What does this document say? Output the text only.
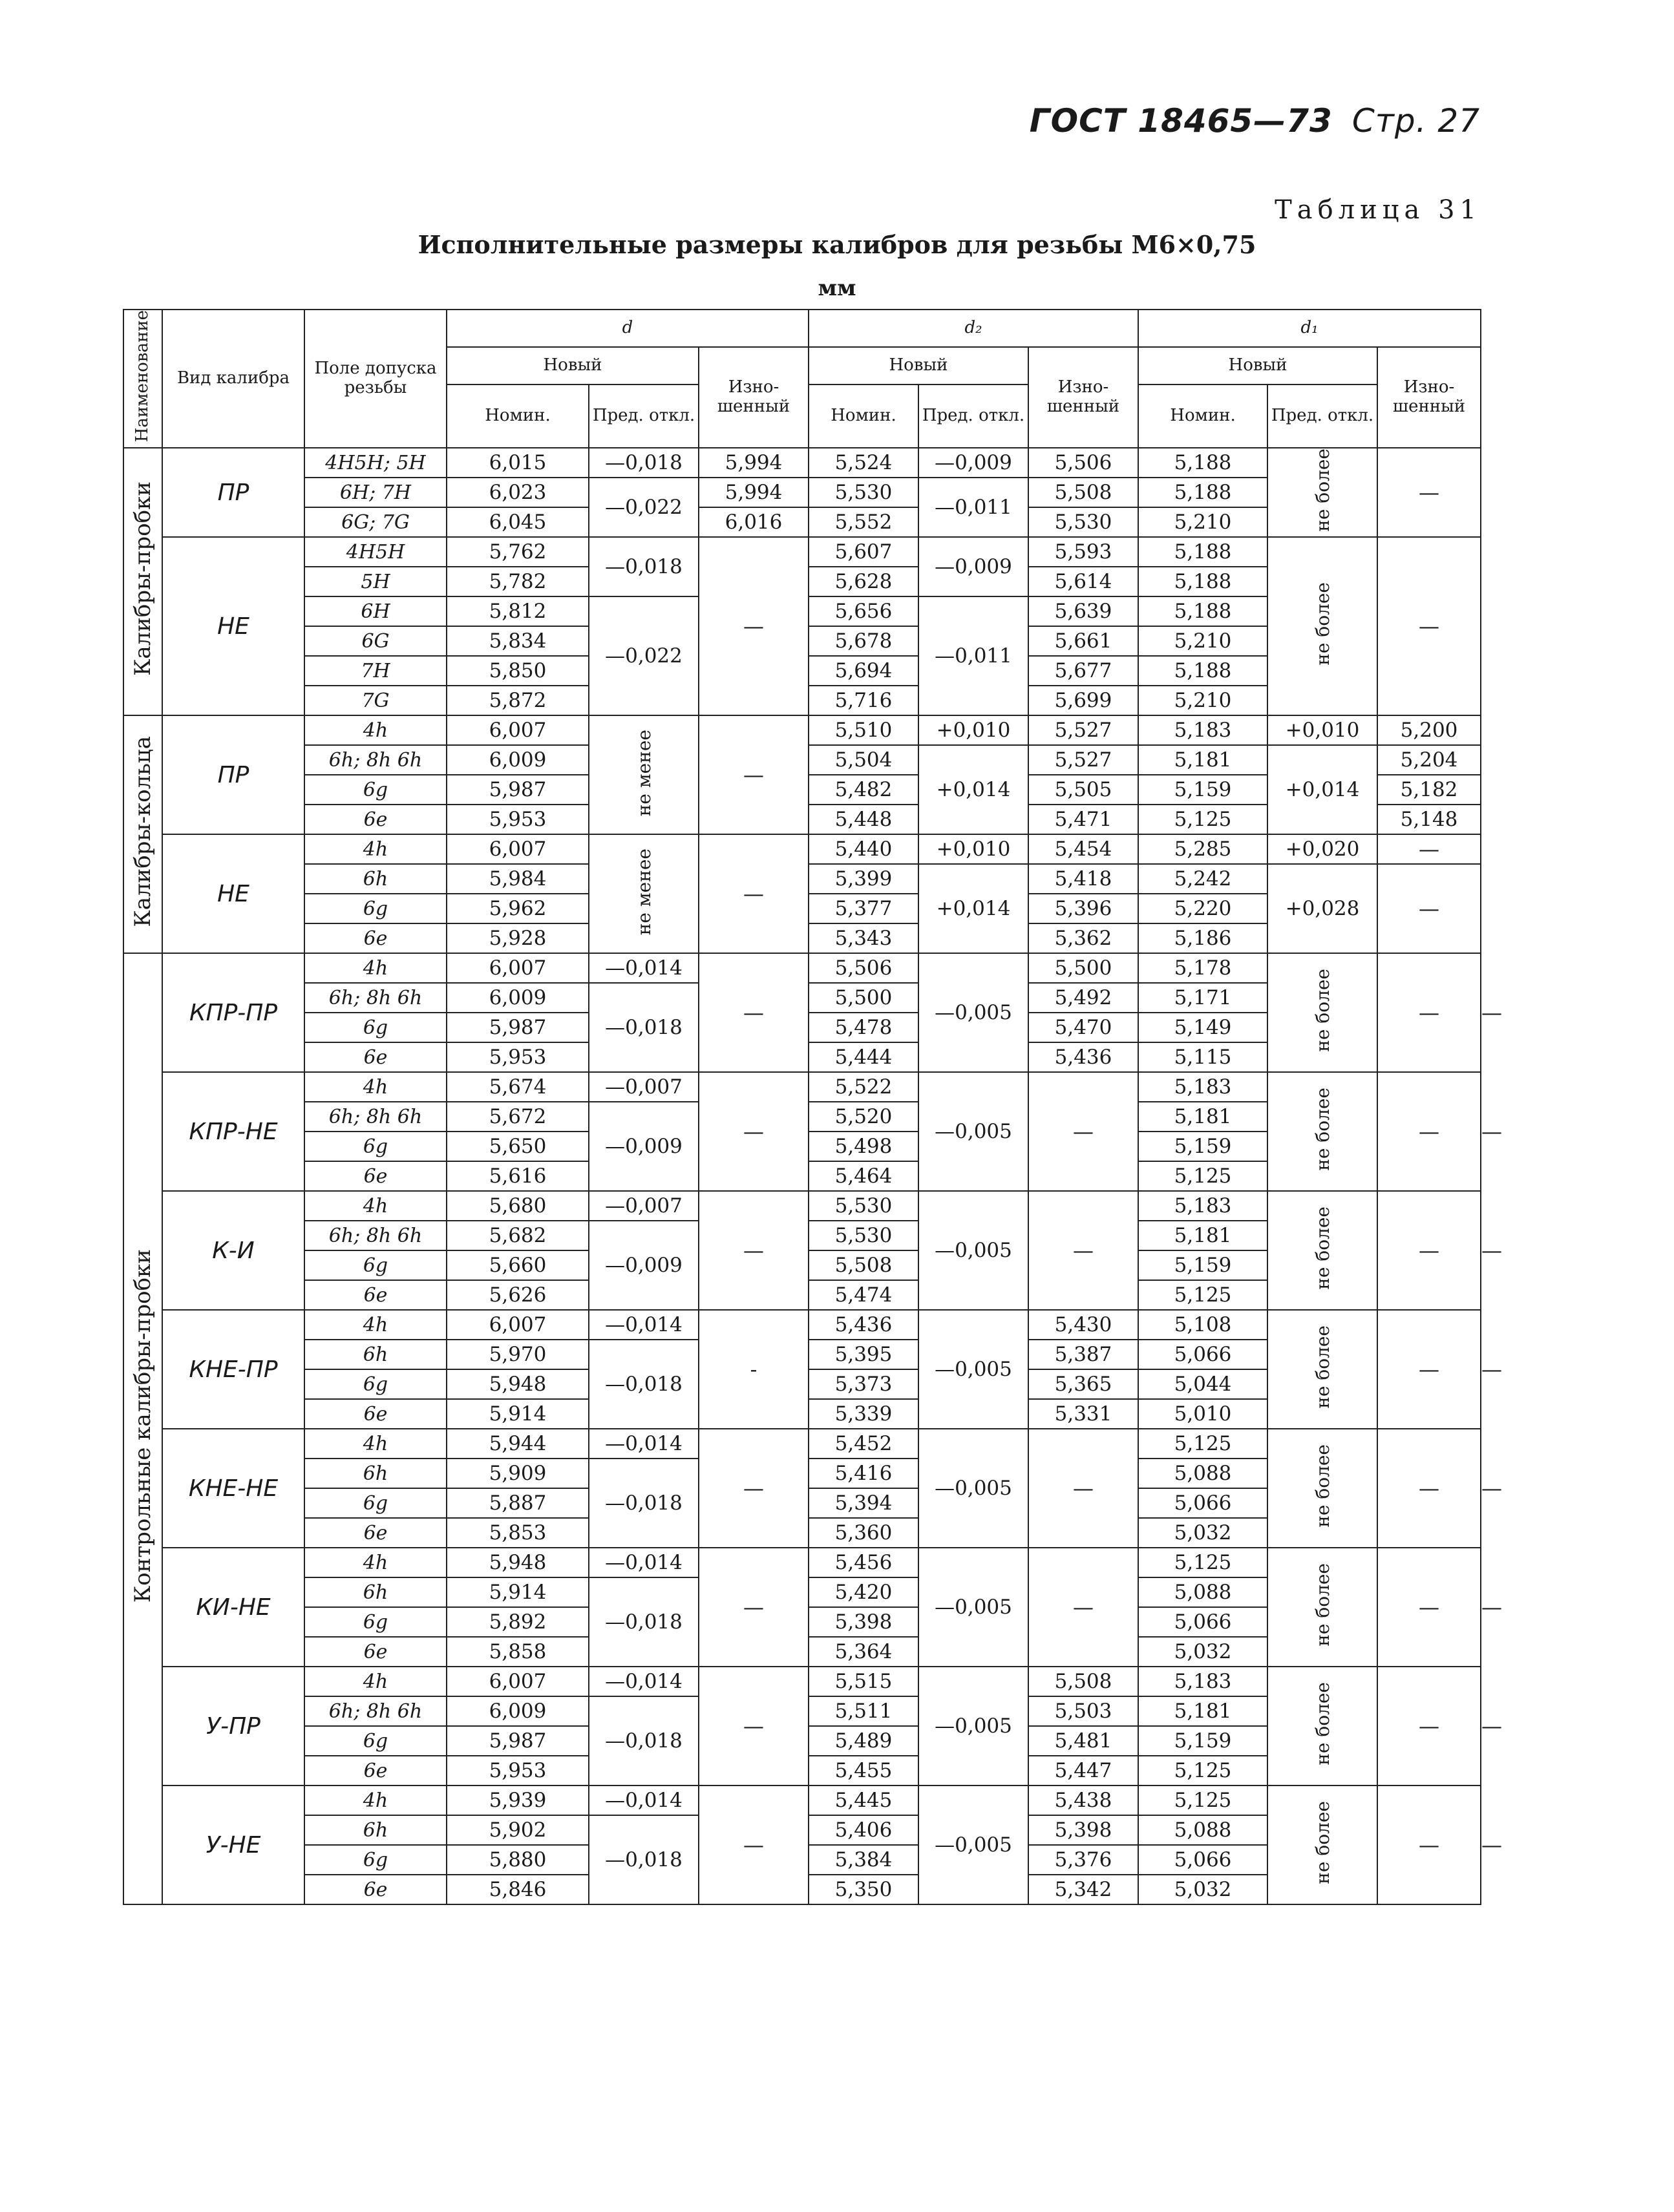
ГОСТ 18465—73 Стр. 27
Таблица 31
Исполнительные размеры калибров для резьбы М6×0,75
мм
Наименование	Вид калибра	Поле допуска резьбы	d			d₂			d₁			
			Новый		Изно-шенный	Новый		Изно-шенный	Новый		Изно-шенный	
			Номин.	Пред. откл.		Номин.	Пред. откл.		Номин.	Пред. откл.		
Калибры-пробки	ПР	4H5H; 5H	6,015	—0,018	5,994	5,524	—0,009	5,506	5,188	не более	—	
		6H; 7H	6,023	—0,022	5,994	5,530	—0,011	5,508	5,188			
		6G; 7G	6,045		6,016	5,552		5,530	5,210			
	НЕ	4H5H	5,762	—0,018	—	5,607	—0,009	5,593	5,188	не более	—	
		5H	5,782			5,628		5,614	5,188			
		6H	5,812	—0,022		5,656	—0,011	5,639	5,188			
		6G	5,834			5,678		5,661	5,210			
		7H	5,850			5,694		5,677	5,188			
		7G	5,872			5,716		5,699	5,210			
Калибры-кольца	ПР	4h	6,007	не менее	—	5,510	+0,010	5,527	5,183	+0,010	5,200	
		6h; 8h 6h	6,009			5,504	+0,014	5,527	5,181	+0,014	5,204	
		6g	5,987			5,482		5,505	5,159		5,182	
		6e	5,953			5,448		5,471	5,125		5,148	
	НЕ	4h	6,007	не менее	—	5,440	+0,010	5,454	5,285	+0,020	—	
		6h	5,984			5,399	+0,014	5,418	5,242	+0,028	—	
		6g	5,962			5,377		5,396	5,220			
		6e	5,928			5,343		5,362	5,186			
Контрольные калибры-пробки	КПР-ПР	4h	6,007	—0,014	—	5,506	—0,005	5,500	5,178	не более	—	—
		6h; 8h 6h	6,009	—0,018		5,500		5,492	5,171			
		6g	5,987			5,478		5,470	5,149			
		6e	5,953			5,444		5,436	5,115			
	КПР-НЕ	4h	5,674	—0,007	—	5,522	—0,005	—	5,183	не более	—	—
		6h; 8h 6h	5,672	—0,009		5,520			5,181			
		6g	5,650			5,498			5,159			
		6e	5,616			5,464			5,125			
	К-И	4h	5,680	—0,007	—	5,530	—0,005	—	5,183	не более	—	—
		6h; 8h 6h	5,682	—0,009		5,530			5,181			
		6g	5,660			5,508			5,159			
		6e	5,626			5,474			5,125			
	КНЕ-ПР	4h	6,007	—0,014	-	5,436	—0,005	5,430	5,108	не более	—	—
		6h	5,970	—0,018		5,395		5,387	5,066			
		6g	5,948			5,373		5,365	5,044			
		6e	5,914			5,339		5,331	5,010			
	КНЕ-НЕ	4h	5,944	—0,014	—	5,452	—0,005	—	5,125	не более	—	—
		6h	5,909	—0,018		5,416			5,088			
		6g	5,887			5,394			5,066			
		6e	5,853			5,360			5,032			
	КИ-НЕ	4h	5,948	—0,014	—	5,456	—0,005	—	5,125	не более	—	—
		6h	5,914	—0,018		5,420			5,088			
		6g	5,892			5,398			5,066			
		6e	5,858			5,364			5,032			
	У-ПР	4h	6,007	—0,014	—	5,515	—0,005	5,508	5,183	не более	—	—
		6h; 8h 6h	6,009	—0,018		5,511		5,503	5,181			
		6g	5,987			5,489		5,481	5,159			
		6e	5,953			5,455		5,447	5,125			
	У-НЕ	4h	5,939	—0,014	—	5,445	—0,005	5,438	5,125	не более	—	—
		6h	5,902	—0,018		5,406		5,398	5,088			
		6g	5,880			5,384		5,376	5,066			
		6e	5,846			5,350		5,342	5,032			
